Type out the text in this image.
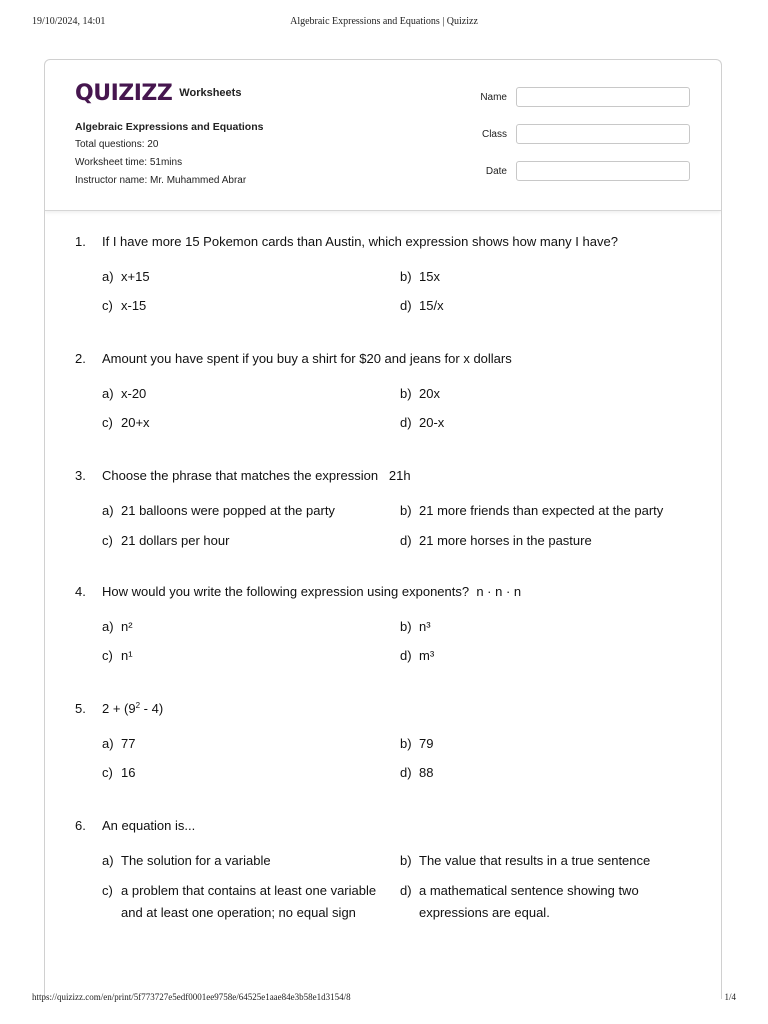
19/10/2024, 14:01	Algebraic Expressions and Equations | Quizizz
QUIZIZZ Worksheets
Algebraic Expressions and Equations
Total questions: 20
Worksheet time: 51mins
Instructor name: Mr. Muhammed Abrar
Name
Class
Date
1. If I have more 15 Pokemon cards than Austin, which expression shows how many I have?
a) x+15	b) 15x
c) x-15	d) 15/x
2. Amount you have spent if you buy a shirt for $20 and jeans for x dollars
a) x-20	b) 20x
c) 20+x	d) 20-x
3. Choose the phrase that matches the expression   21h
a) 21 balloons were popped at the party	b) 21 more friends than expected at the party
c) 21 dollars per hour	d) 21 more horses in the pasture
4. How would you write the following expression using exponents?  n · n · n
a) n²	b) n³
c) n¹	d) m³
5. $2 + (9^2 - 4)$
a) 77	b) 79
c) 16	d) 88
6. An equation is...
a) The solution for a variable	b) The value that results in a true sentence
c) a problem that contains at least one variable and at least one operation; no equal sign
d) a mathematical sentence showing two expressions are equal.
https://quizizz.com/en/print/5f773727e5edf0001ee9758e/64525e1aae84e3b58e1d3154/8	1/4
